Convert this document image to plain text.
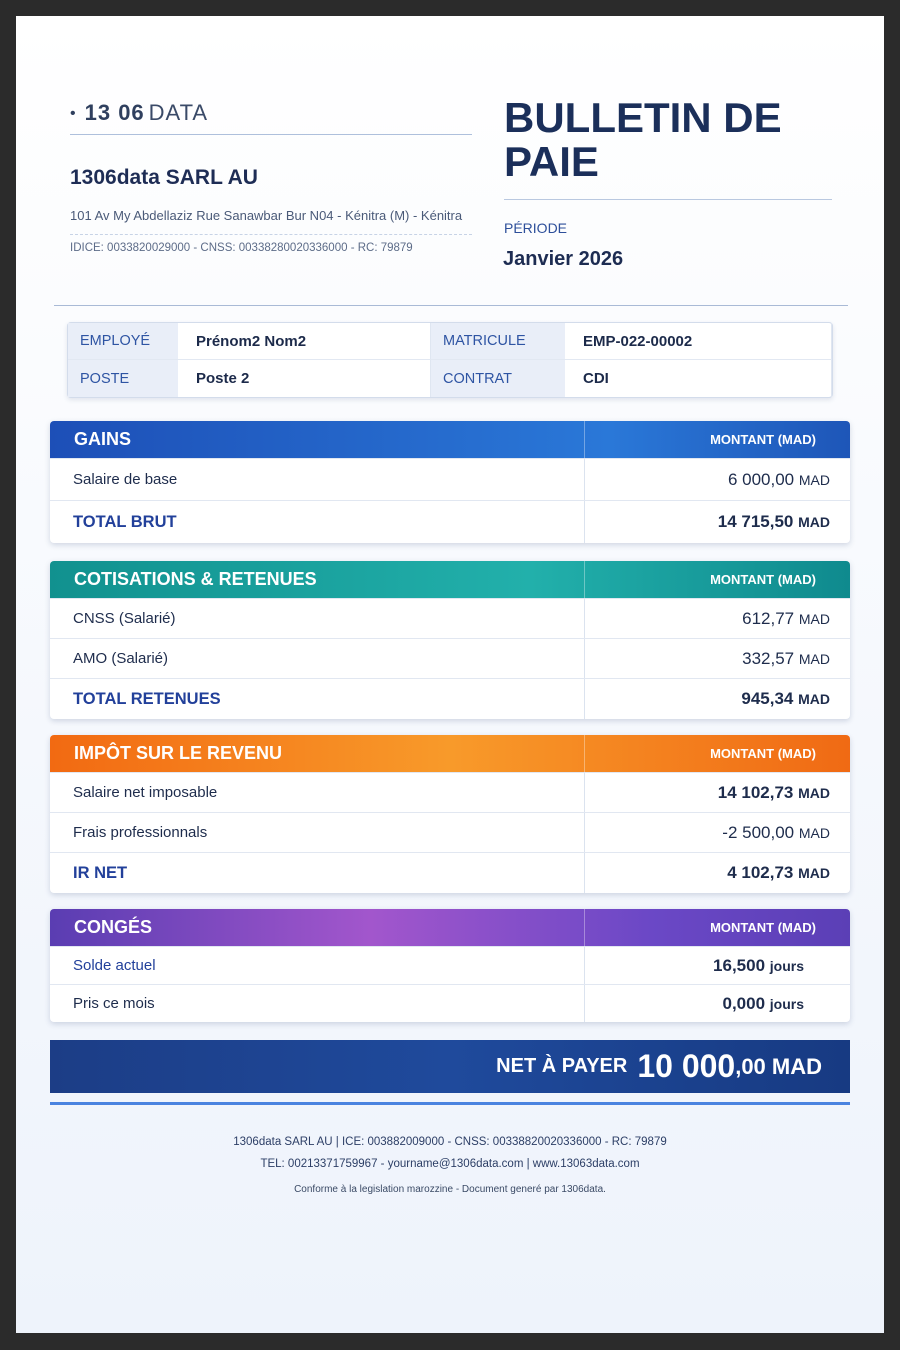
• 13 06 DATA
1306data SARL AU
101 Av My Abdellaziz Rue Sanawbar Bur N04 - Kénitra (M) - Kénitra
IDICE: 0033820029000 - CNSS: 00338280020336000 - RC: 79879
BULLETIN DE
PAIE
PÉRIODE
Janvier 2026
EMPLOYÉ	Prénom2 Nom2	MATRICULE	EMP-022-00002
POSTE	Poste 2	CONTRAT	CDI
GAINS	MONTANT (MAD)
Salaire de base	6 000,00 MAD
TOTAL BRUT	14 715,50 MAD
COTISATIONS & RETENUES	MONTANT (MAD)
CNSS (Salarié)	612,77 MAD
AMO (Salarié)	332,57 MAD
TOTAL RETENUES	945,34 MAD
IMPÔT SUR LE REVENU	MONTANT (MAD)
Salaire net imposable	14 102,73 MAD
Frais professionnals	-2 500,00 MAD
IR NET	4 102,73 MAD
CONGÉS	MONTANT (MAD)
Solde actuel	16,500 jours
Pris ce mois	0,000 jours
NET À PAYER 10 000 ,00 MAD
1306data SARL AU | ICE: 003882009000 - CNSS: 00338820020336000 - RC: 79879
TEL: 00213371759967 - yourname@1306data.com | www.13063data.com
Conforme à la legislation marozzine - Document generé par 1306data.
